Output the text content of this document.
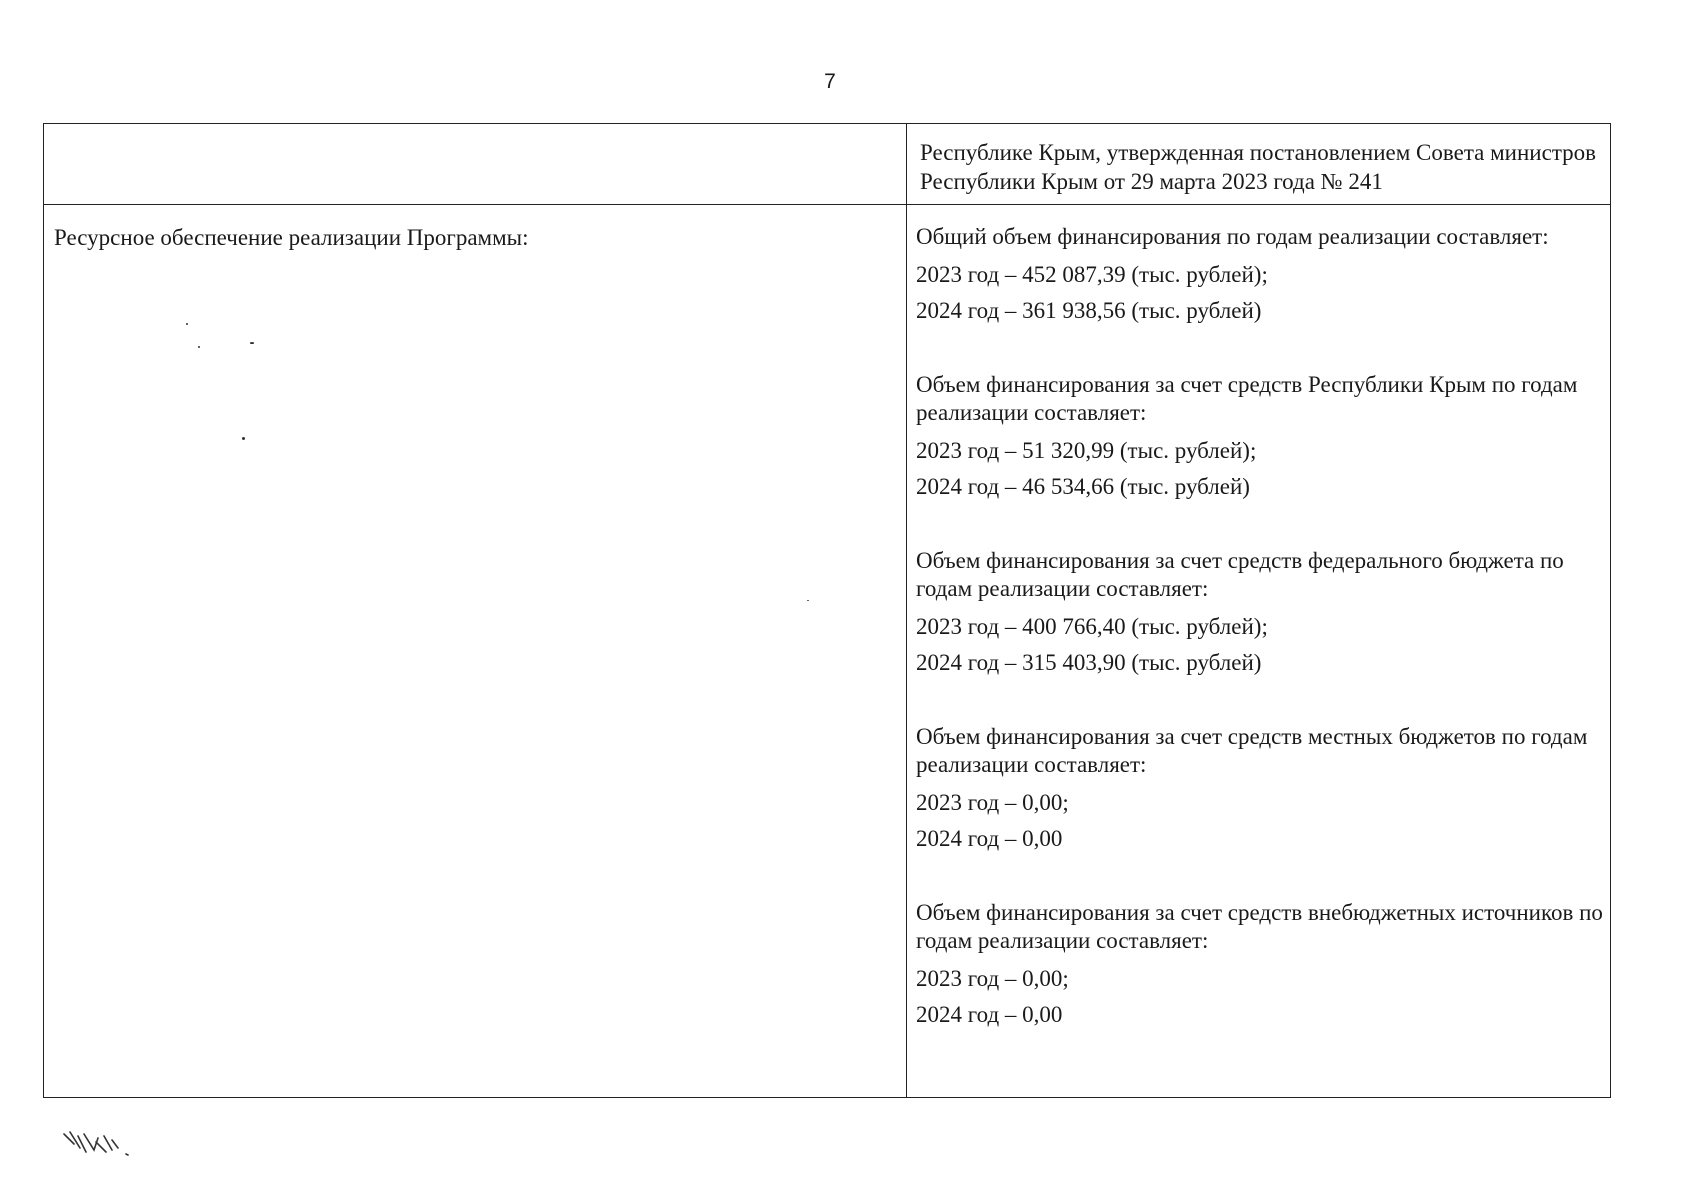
7
Республике Крым, утвержденная постановлением Совета министров Республики Крым от 29 марта 2023 года № 241
Ресурсное обеспечение реализации Программы:	Общий объем финансирования по годам реализации составляет:
2023 год – 452 087,39 (тыс. рублей);
2024 год – 361 938,56 (тыс. рублей)
Объем финансирования за счет средств Республики Крым по годам реализации составляет:
2023 год – 51 320,99 (тыс. рублей);
2024 год – 46 534,66 (тыс. рублей)
Объем финансирования за счет средств федерального бюджета по годам реализации составляет:
2023 год – 400 766,40 (тыс. рублей);
2024 год – 315 403,90 (тыс. рублей)
Объем финансирования за счет средств местных бюджетов по годам реализации составляет:
2023 год – 0,00;
2024 год – 0,00
Объем финансирования за счет средств внебюджетных источников по годам реализации составляет:
2023 год – 0,00;
2024 год – 0,00
